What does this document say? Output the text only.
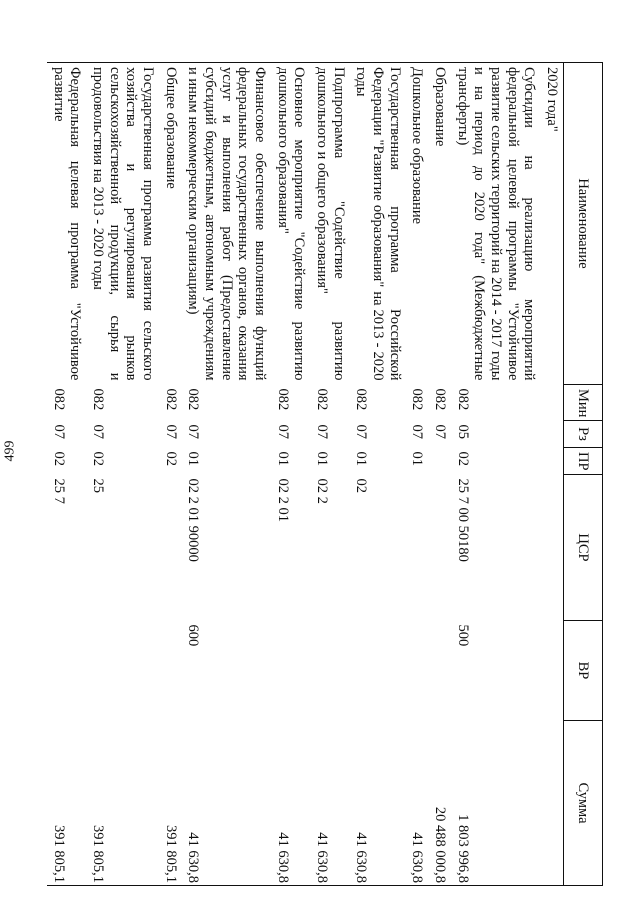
499
Наименование	Мин	Рз	ПР	ЦСР	ВР	Сумма
2020 года"						
Субсидии на реализацию мероприятий федеральной целевой программы "Устойчивое развитие сельских территорий на 2014 - 2017 годы и на период до 2020 года" (Межбюджетные трансферты)	082	05	02	25 7 00 50180	500	1 803 996,8
Образование	082	07				20 488 000,8
Дошкольное образование	082	07	01			41 630,8
Государственная программа Российской Федерации "Развитие образования" на 2013 - 2020 годы	082	07	01	02		41 630,8
Подпрограмма "Содействие развитию дошкольного и общего образования"	082	07	01	02 2		41 630,8
Основное мероприятие "Содействие развитию дошкольного образования"	082	07	01	02 2 01		41 630,8
Финансовое обеспечение выполнения функций федеральных государственных органов, оказания услуг и выполнения работ (Предоставление субсидий бюджетным, автономным учреждениям и иным некоммерческим организациям)	082	07	01	02 2 01 90000	600	41 630,8
Общее образование	082	07	02			391 805,1
Государственная программа развития сельского хозяйства и регулирования рынков сельскохозяйственной продукции, сырья и продовольствия на 2013 - 2020 годы	082	07	02	25		391 805,1
Федеральная целевая программа "Устойчивое развитие	082	07	02	25 7		391 805,1
